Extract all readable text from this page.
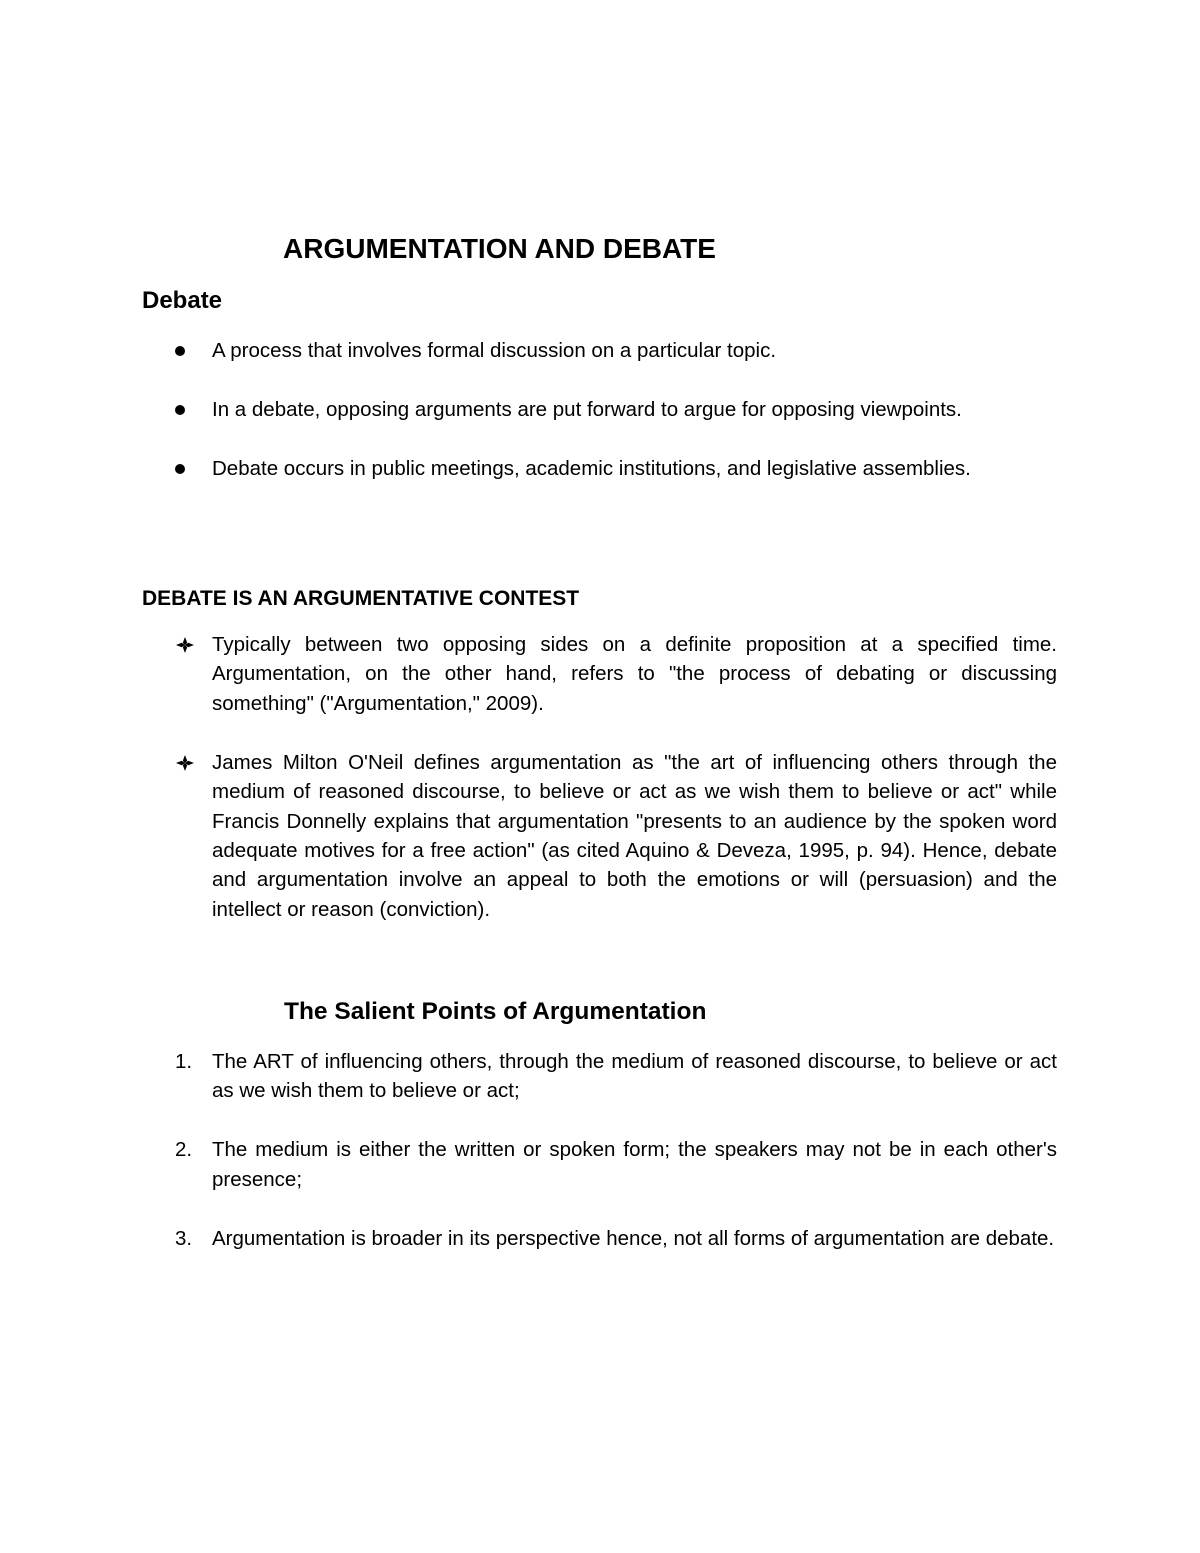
ARGUMENTATION AND DEBATE
Debate
A process that involves formal discussion on a particular topic.
In a debate, opposing arguments are put forward to argue for opposing viewpoints.
Debate occurs in public meetings, academic institutions, and legislative assemblies.
DEBATE IS AN ARGUMENTATIVE CONTEST
Typically between two opposing sides on a definite proposition at a specified time. Argumentation, on the other hand, refers to "the process of debating or discussing something" ("Argumentation," 2009).
James Milton O'Neil defines argumentation as "the art of influencing others through the medium of reasoned discourse, to believe or act as we wish them to believe or act" while Francis Donnelly explains that argumentation "presents to an audience by the spoken word adequate motives for a free action" (as cited Aquino & Deveza, 1995, p. 94). Hence, debate and argumentation involve an appeal to both the emotions or will (persuasion) and the intellect or reason (conviction).
The Salient Points of Argumentation
1. The ART of influencing others, through the medium of reasoned discourse, to believe or act as we wish them to believe or act;
2. The medium is either the written or spoken form; the speakers may not be in each other's presence;
3. Argumentation is broader in its perspective hence, not all forms of argumentation are debate.
